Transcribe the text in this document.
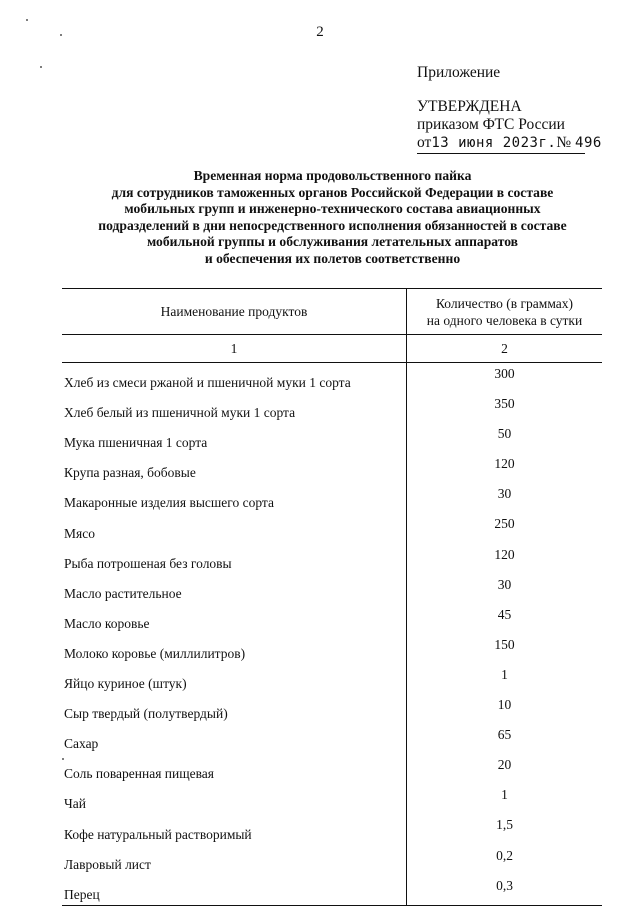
2
Приложение
УТВЕРЖДЕНА
приказом ФТС России
от13 июня 2023г.№ 496
Временная норма продовольственного пайка
для сотрудников таможенных органов Российской Федерации в составе
мобильных групп и инженерно-технического состава авиационных
подразделений в дни непосредственного исполнения обязанностей в составе
мобильной группы и обслуживания летательных аппаратов
и обеспечения их полетов соответственно
Наименование продуктов	Количество (в граммах)
на одного человека в сутки
1	2
Хлеб из смеси ржаной и пшеничной муки 1 сорта	300
Хлеб белый из пшеничной муки 1 сорта	350
Мука пшеничная 1 сорта	50
Крупа разная, бобовые	120
Макаронные изделия высшего сорта	30
Мясо	250
Рыба потрошеная без головы	120
Масло растительное	30
Масло коровье	45
Молоко коровье (миллилитров)	150
Яйцо куриное (штук)	1
Сыр твердый (полутвердый)	10
Сахар	65
Соль поваренная пищевая	20
Чай	1
Кофе натуральный растворимый	1,5
Лавровый лист	0,2
Перец	0,3
